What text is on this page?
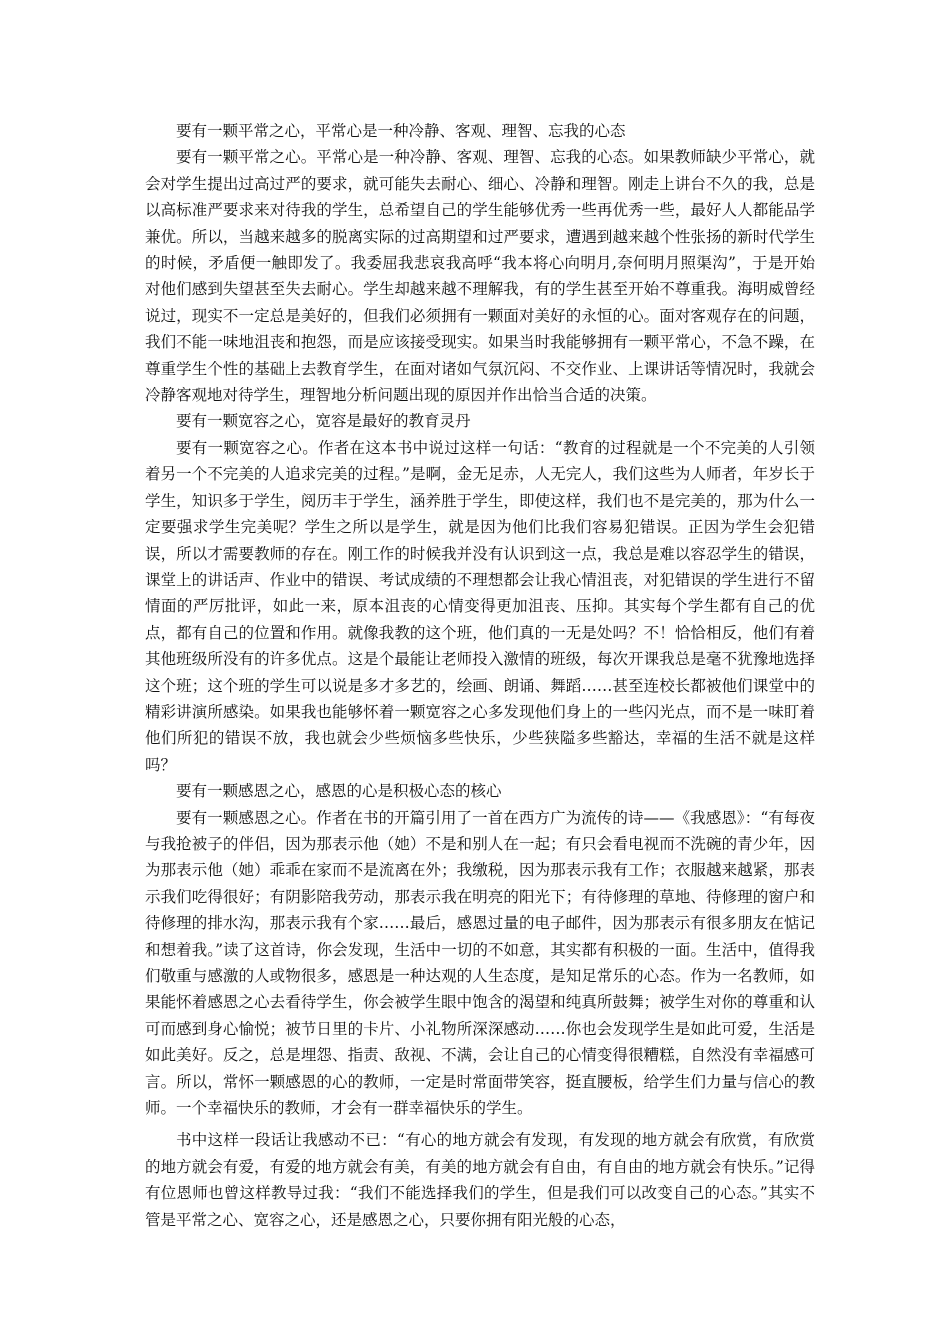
要有一颗平常之心，平常心是一种冷静、客观、理智、忘我的心态

要有一颗平常之心。平常心是一种冷静、客观、理智、忘我的心态。如果教师缺少平常心，就会对学生提出过高过严的要求，就可能失去耐心、细心、冷静和理智。刚走上讲台不久的我，总是以高标准严要求来对待我的学生，总希望自己的学生能够优秀一些再优秀一些，最好人人都能品学兼优。所以，当越来越多的脱离实际的过高期望和过严要求，遭遇到越来越个性张扬的新时代学生的时候，矛盾便一触即发了。我委屈我悲哀我高呼“我本将心向明月,奈何明月照渠沟”，于是开始对他们感到失望甚至失去耐心。学生却越来越不理解我，有的学生甚至开始不尊重我。海明威曾经说过，现实不一定总是美好的，但我们必须拥有一颗面对美好的永恒的心。面对客观存在的问题，我们不能一味地沮丧和抱怨，而是应该接受现实。如果当时我能够拥有一颗平常心，不急不躁，在尊重学生个性的基础上去教育学生，在面对诸如气氛沉闷、不交作业、上课讲话等情况时，我就会冷静客观地对待学生，理智地分析问题出现的原因并作出恰当合适的决策。

要有一颗宽容之心，宽容是最好的教育灵丹

要有一颗宽容之心。作者在这本书中说过这样一句话：“教育的过程就是一个不完美的人引领着另一个不完美的人追求完美的过程。”是啊，金无足赤，人无完人，我们这些为人师者，年岁长于学生，知识多于学生，阅历丰于学生，涵养胜于学生，即使这样，我们也不是完美的，那为什么一定要强求学生完美呢？学生之所以是学生，就是因为他们比我们容易犯错误。正因为学生会犯错误，所以才需要教师的存在。刚工作的时候我并没有认识到这一点，我总是难以容忍学生的错误，课堂上的讲话声、作业中的错误、考试成绩的不理想都会让我心情沮丧，对犯错误的学生进行不留情面的严厉批评，如此一来，原本沮丧的心情变得更加沮丧、压抑。其实每个学生都有自己的优点，都有自己的位置和作用。就像我教的这个班，他们真的一无是处吗？不！恰恰相反，他们有着其他班级所没有的许多优点。这是个最能让老师投入激情的班级，每次开课我总是毫不犹豫地选择这个班；这个班的学生可以说是多才多艺的，绘画、朗诵、舞蹈……甚至连校长都被他们课堂中的精彩讲演所感染。如果我也能够怀着一颗宽容之心多发现他们身上的一些闪光点，而不是一味盯着他们所犯的错误不放，我也就会少些烦恼多些快乐，少些狭隘多些豁达，幸福的生活不就是这样吗？

要有一颗感恩之心，感恩的心是积极心态的核心

要有一颗感恩之心。作者在书的开篇引用了一首在西方广为流传的诗——《我感恩》：“有每夜与我抢被子的伴侣，因为那表示他（她）不是和别人在一起；有只会看电视而不洗碗的青少年，因为那表示他（她）乖乖在家而不是流离在外；我缴税，因为那表示我有工作；衣服越来越紧，那表示我们吃得很好；有阴影陪我劳动，那表示我在明亮的阳光下；有待修理的草地、待修理的窗户和待修理的排水沟，那表示我有个家……最后，感恩过量的电子邮件，因为那表示有很多朋友在惦记和想着我。”读了这首诗，你会发现，生活中一切的不如意，其实都有积极的一面。生活中，值得我们敬重与感激的人或物很多，感恩是一种达观的人生态度，是知足常乐的心态。作为一名教师，如果能怀着感恩之心去看待学生，你会被学生眼中饱含的渴望和纯真所鼓舞；被学生对你的尊重和认可而感到身心愉悦；被节日里的卡片、小礼物所深深感动……你也会发现学生是如此可爱，生活是如此美好。反之，总是埋怨、指责、敌视、不满，会让自己的心情变得很糟糕，自然没有幸福感可言。所以，常怀一颗感恩的心的教师，一定是时常面带笑容，挺直腰板，给学生们力量与信心的教师。一个幸福快乐的教师，才会有一群幸福快乐的学生。

书中这样一段话让我感动不已：“有心的地方就会有发现，有发现的地方就会有欣赏，有欣赏的地方就会有爱，有爱的地方就会有美，有美的地方就会有自由，有自由的地方就会有快乐。”记得有位恩师也曾这样教导过我：“我们不能选择我们的学生，但是我们可以改变自己的心态。”其实不管是平常之心、宽容之心，还是感恩之心，只要你拥有阳光般的心态，
